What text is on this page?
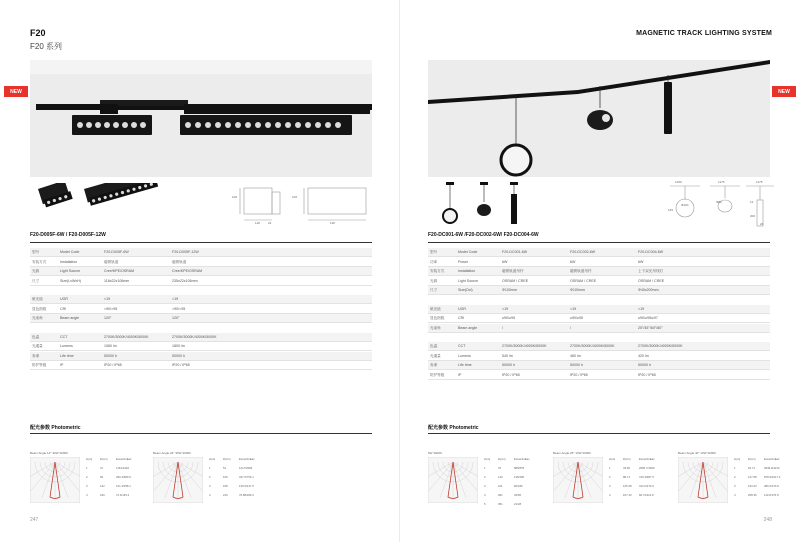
F20
F20 系列
NEW
106
118	22
106
118
F20-D005F-6W / F20-D005F-12W
型号	Model Code	F20-D005F-6W	F20-D005F-12W
安装方式	Installation	磁吸轨道	磁吸轨道
光源	Light Source	Cree/KPE/OSRAM	Cree/KPE/OSRAM
尺寸	Size(LxWxH)	118x22x106mm	235x22x106mm
眩光值	UGR	<19	<19
显色指数	CRI	>90/>95	>90/>95
光束角	Beam angle	120°	120°
色温	CCT	2700K/3000K/4000K/5000K	2700K/3000K/4000K/5000K
光通量	Lumens	1080 lm	1800 lm
寿命	Life time	50000 h	50000 h
防护等级	IP	IP20 / IP65	IP20 / IP65
配光参数 Photometric
Beam Angle 12° 30W 3000K
H(m)	D(cm)	Emax/lx/Eav
1	47	1161/2322
2	93	290.4/580.5
3	142	121.3/258.1
4	190	72.6/145.2
Beam Angle 24° 30W 3000K
H(m)	D(cm)	Emax/lx/Eav
1	51	1217/2956
2	105	347.6/754.1
3	158	136.6/317.5
4	219	76.88/189.4
247
MAGNETIC TRACK LIGHTING SYSTEM
NEW
1250	1175	1175
Φ100
Φ80
145
12
200
20
F20-DC001-6W /F20-DC002-6W/ F20-DC004-6W
型号	Model Code	F20-DC001-6W	F20-DC002-6W	F20-DC004-6W
功率	Power	6W	6W	6W
安装方式	Installation	磁吸轨道吊杆	磁吸轨道吊杆	上下双光吊线灯
光源	Light Source	OSRAM / CREE	OSRAM / CREE	OSRAM / CREE
尺寸	Size(Dxl)	Φ100mm	Φ100mm	Φ40x200mm
眩光值	UGR	<19	<19	<19
显色指数	CRI	≥90/≥95	≥90/≥95	≥90/≥95/≥97
光束角	Beam angle	/	/	25°/45°/60°/80°
色温	CCT	2700K/3000K/4000K/5000K	2700K/3000K/4000K/5000K	2700K/3000K/4000K/5000K
光通量	Lumens	540 lm	480 lm	420 lm
寿命	Life time	50000 h	50000 h	50000 h
防护等级	IP	IP20 / IP65	IP20 / IP65	IP20 / IP65
配光参数 Photometric
6W 3000K
H(m)	D(cm)	Emax/lx/Eav
1	70	586/878
2	140	135/296
3	211	90/180
4	281	33/56
5	351	21/28
Beam Angle 25° 10W 3000K
H(m)	D(cm)	Emax/lx/Eav
1	43.66	2955.7/3940
2	88.71	740.3/987.5
3	125.28	312.0/374.6
4	167.43	82.72/113.8
Beam Angle 40° 10W 3000K
H(m)	D(cm)	Emax/lx/Eav
1	64.71	3949.9/4212
2	127.68	878.9/1017.3
3	193.23	286.6/374.8
4	258.35	113.8/176.8
248
